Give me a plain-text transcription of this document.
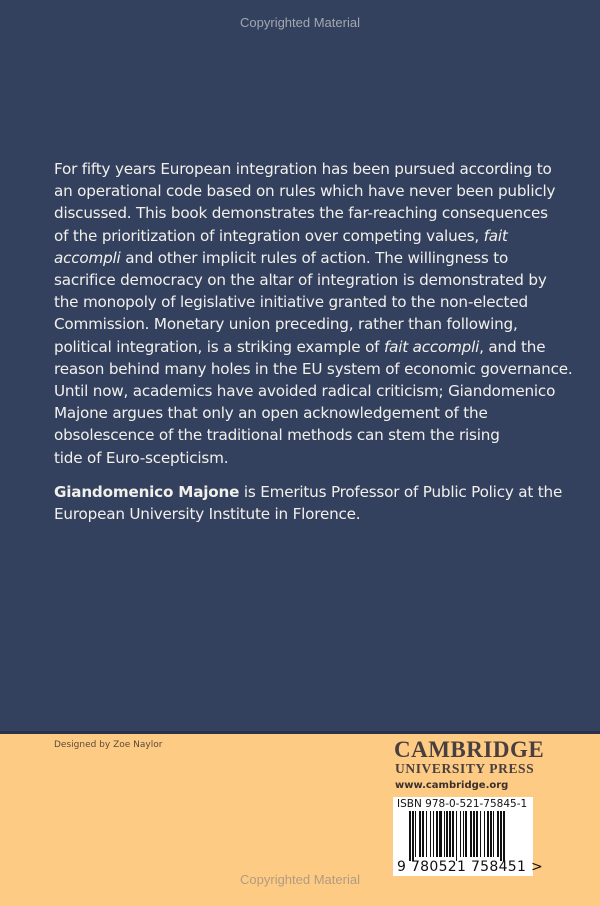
Copyrighted Material
For fifty years European integration has been pursued according to
an operational code based on rules which have never been publicly
discussed. This book demonstrates the far-reaching consequences
of the prioritization of integration over competing values, fait
accompli and other implicit rules of action. The willingness to
sacrifice democracy on the altar of integration is demonstrated by
the monopoly of legislative initiative granted to the non-elected
Commission. Monetary union preceding, rather than following,
political integration, is a striking example of fait accompli, and the
reason behind many holes in the EU system of economic governance.
Until now, academics have avoided radical criticism; Giandomenico
Majone argues that only an open acknowledgement of the
obsolescence of the traditional methods can stem the rising
tide of Euro-scepticism.
Giandomenico Majone is Emeritus Professor of Public Policy at the European University Institute in Florence.
Designed by Zoe Naylor	CAMBRIDGE
UNIVERSITY PRESS
www.cambridge.org
ISBN 978-0-521-75845-1
9 780521 758451 >
Copyrighted Material
